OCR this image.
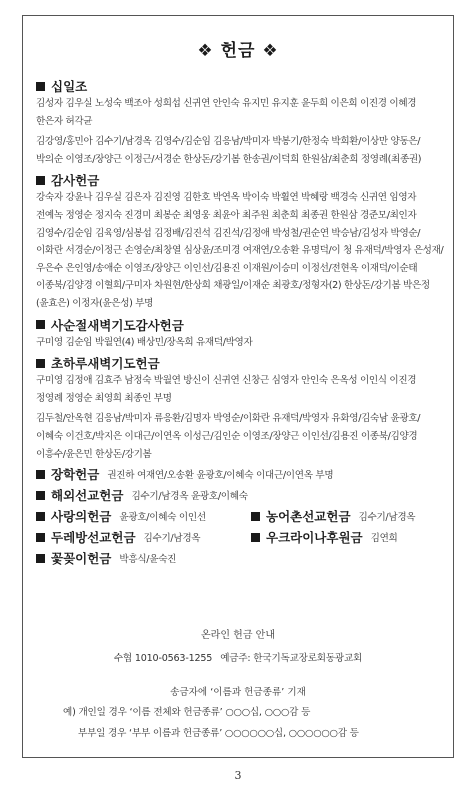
❖ 헌금 ❖
십일조
김성자 김우실 노성숙 백조아 성희섭 신귀연 안인숙 유지민 유지훈 윤두희 이은희 이진경 이혜경 한은자 허각균
김강영/홍민아 김수기/남경옥 김영수/김순임 김응남/박미자 박봉기/한정숙 박희환/이상만 양동은/박의순 이영조/장양근 이정근/서경순 한상돈/강기봄 한송권/이덕희 한원삼/최춘희 정영례(최종권)
감사헌금
강숙자 강윤나 김우실 김은자 김진영 김한호 박연옥 박이숙 박횔연 박혜랑 백경숙 신귀연 임영자 전예녹 정영순 정지숙 진경미 최봉순 최영웅 최윤아 최주원 최춘희 최종권 한원삼 경준모/최인자 김영수/김순임 김육영/심봉섭 김정배/김진석 김진석/김정애 박성철/권순연 박승남/김성자 박영순/이화란 서경순/이정근 손영순/최창열 심상윤/조미경 여재연/오송환 유명덕/이 청 유재덕/박영자 은성재/우은수 은인영/송애순 이영조/장양근 이인선/김용진 이재원/이승미 이정선/전현옥 이재덕/이순태 이종북/김양경 이혈희/구미자 차원현/한상희 채광일/이재순 최광호/정형자(2) 한상돈/강기봄 박은정(윤효은) 이정자(윤은성) 부명
사순절새벽기도감사헌금
구미영 김순임 박월연(4) 배상민/장옥희 유재덕/박영자
초하루새벽기도헌금
구미영 김정애 김효주 남정숙 박월연 방신이 신귀연 신창근 심영자 안인숙 은옥성 이인식 이진경 정영례 정영순 최영희 최종인 부명
김두철/안옥현 김응남/박미자 류응환/김명자 박영순/이화란 유재덕/박영자 유화영/김숙남 윤광호/이혜숙 이건호/박지은 이대근/이연옥 이성근/김인순 이영조/장양근 이인선/김용진 이종북/김양경 이흥수/윤은민 한상돈/강기봄
장학헌금 권진하 여재연/오송환 윤광호/이혜숙 이대근/이연옥 부명
해외선교헌금 김수기/남경옥 윤광호/이혜숙
사랑의헌금 윤광호/이혜숙 이인선	농어촌선교헌금 김수기/남경옥
두레방선교헌금 김수기/남경옥	우크라이나후원금 김연희
꽃꽂이헌금 박흥식/윤숙진
온라인 헌금 안내
수협 1010-0563-1255 예금주: 한국기독교장로회동광교회
송금자에 ‘이름과 헌금종류’ 기재
예) 개인일 경우 ‘이름 전체와 헌금종류’ ○○○십, ○○○감 등
부부일 경우 ‘부부 이름과 헌금종류’ ○○○○○○십, ○○○○○○감 등
3
